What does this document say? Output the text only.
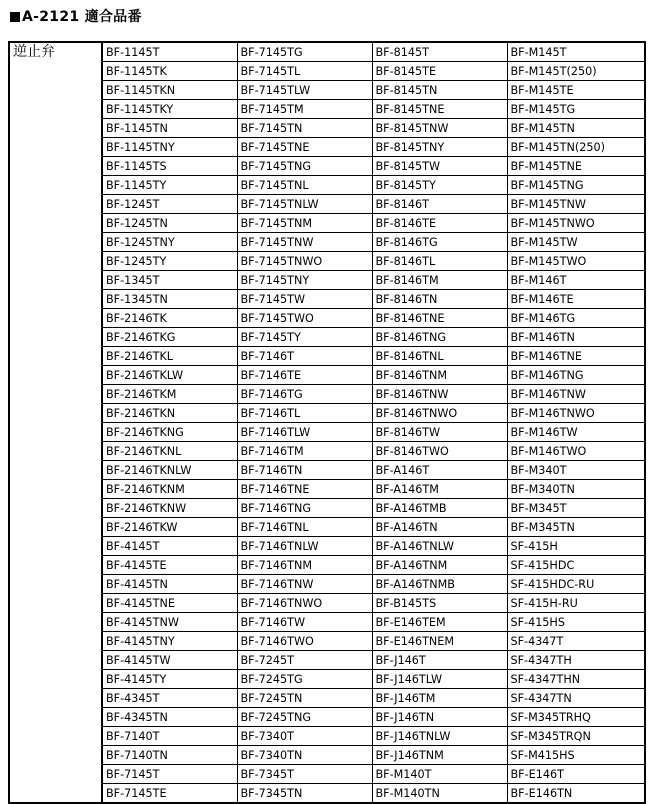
A-2121 適合品番
逆止弁	BF-1145T	BF-7145TG	BF-8145T	BF-M145T
	BF-1145TK	BF-7145TL	BF-8145TE	BF-M145T(250)
	BF-1145TKN	BF-7145TLW	BF-8145TN	BF-M145TE
	BF-1145TKY	BF-7145TM	BF-8145TNE	BF-M145TG
	BF-1145TN	BF-7145TN	BF-8145TNW	BF-M145TN
	BF-1145TNY	BF-7145TNE	BF-8145TNY	BF-M145TN(250)
	BF-1145TS	BF-7145TNG	BF-8145TW	BF-M145TNE
	BF-1145TY	BF-7145TNL	BF-8145TY	BF-M145TNG
	BF-1245T	BF-7145TNLW	BF-8146T	BF-M145TNW
	BF-1245TN	BF-7145TNM	BF-8146TE	BF-M145TNWO
	BF-1245TNY	BF-7145TNW	BF-8146TG	BF-M145TW
	BF-1245TY	BF-7145TNWO	BF-8146TL	BF-M145TWO
	BF-1345T	BF-7145TNY	BF-8146TM	BF-M146T
	BF-1345TN	BF-7145TW	BF-8146TN	BF-M146TE
	BF-2146TK	BF-7145TWO	BF-8146TNE	BF-M146TG
	BF-2146TKG	BF-7145TY	BF-8146TNG	BF-M146TN
	BF-2146TKL	BF-7146T	BF-8146TNL	BF-M146TNE
	BF-2146TKLW	BF-7146TE	BF-8146TNM	BF-M146TNG
	BF-2146TKM	BF-7146TG	BF-8146TNW	BF-M146TNW
	BF-2146TKN	BF-7146TL	BF-8146TNWO	BF-M146TNWO
	BF-2146TKNG	BF-7146TLW	BF-8146TW	BF-M146TW
	BF-2146TKNL	BF-7146TM	BF-8146TWO	BF-M146TWO
	BF-2146TKNLW	BF-7146TN	BF-A146T	BF-M340T
	BF-2146TKNM	BF-7146TNE	BF-A146TM	BF-M340TN
	BF-2146TKNW	BF-7146TNG	BF-A146TMB	BF-M345T
	BF-2146TKW	BF-7146TNL	BF-A146TN	BF-M345TN
	BF-4145T	BF-7146TNLW	BF-A146TNLW	SF-415H
	BF-4145TE	BF-7146TNM	BF-A146TNM	SF-415HDC
	BF-4145TN	BF-7146TNW	BF-A146TNMB	SF-415HDC-RU
	BF-4145TNE	BF-7146TNWO	BF-B145TS	SF-415H-RU
	BF-4145TNW	BF-7146TW	BF-E146TEM	SF-415HS
	BF-4145TNY	BF-7146TWO	BF-E146TNEM	SF-4347T
	BF-4145TW	BF-7245T	BF-J146T	SF-4347TH
	BF-4145TY	BF-7245TG	BF-J146TLW	SF-4347THN
	BF-4345T	BF-7245TN	BF-J146TM	SF-4347TN
	BF-4345TN	BF-7245TNG	BF-J146TN	SF-M345TRHQ
	BF-7140T	BF-7340T	BF-J146TNLW	SF-M345TRQN
	BF-7140TN	BF-7340TN	BF-J146TNM	SF-M415HS
	BF-7145T	BF-7345T	BF-M140T	BF-E146T
	BF-7145TE	BF-7345TN	BF-M140TN	BF-E146TN
